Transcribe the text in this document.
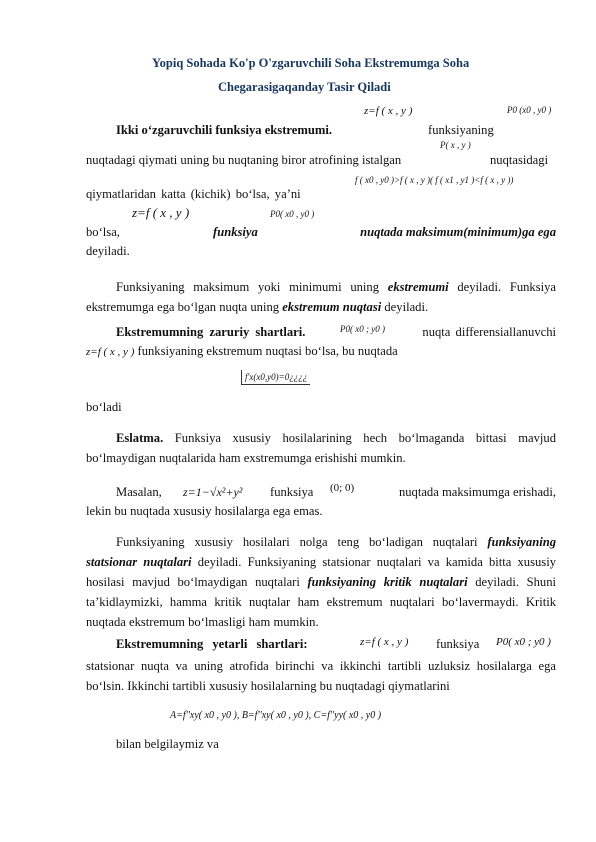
Yopiq Sohada Ko'p O'zgaruvchili Soha Ekstremumga Soha
Chegarasigaqanday Tasir Qiladi
z=f ( x , y )	P0 (x0 , y0 )
Ikki o‘zgaruvchili funksiya ekstremumi.	funksiyaning
P( x , y )
nuqtadagi qiymati uning bu nuqtaning biror atrofining istalgan	nuqtasidagi
f ( x0 , y0 )>f ( x , y )( f ( x1 , y1 )<f ( x , y ))
qiymatlaridan katta (kichik) bo‘lsa, ya’ni
z=f ( x , y )	P0( x0 , y0 )
bo‘lsa,	funksiya	nuqtada maksimum(minimum)ga ega
deyiladi.
Funksiyaning maksimum yoki minimumi uning ekstremumi deyiladi. Funksiya ekstremumga ega bo‘lgan nuqta uning ekstremum nuqtasi deyiladi.
Ekstremumning zaruriy shartlari.	P0( x0 ; y0 )	nuqta differensiallanuvchi
z=f ( x , y ) funksiyaning ekstremum nuqtasi bo‘lsa, bu nuqtada
f'x(x0,y0)=0¿¿¿¿
bo‘ladi
Eslatma. Funksiya xususiy hosilalarining hech bo‘lmaganda bittasi mavjud bo‘lmaydigan nuqtalarida ham exstremumga erishishi mumkin.
Masalan, z=1−√x²+y² funksiya (0; 0)	nuqtada maksimumga erishadi,
lekin bu nuqtada xususiy hosilalarga ega emas.
Funksiyaning xususiy hosilalari nolga teng bo‘ladigan nuqtalari funksiyaning statsionar nuqtalari deyiladi. Funksiyaning statsionar nuqtalari va kamida bitta xususiy hosilasi mavjud bo‘lmaydigan nuqtalari funksiyaning kritik nuqtalari deyiladi. Shuni ta’kidlaymizki, hamma kritik nuqtalar ham ekstremum nuqtalari bo‘lavermaydi. Kritik nuqtada ekstremum bo‘lmasligi ham mumkin.
Ekstremumning yetarli shartlari:	z=f ( x , y ) funksiya P0( x0 ; y0 )
statsionar nuqta va uning atrofida birinchi va ikkinchi tartibli uzluksiz hosilalarga ega bo‘lsin. Ikkinchi tartibli xususiy hosilalarning bu nuqtadagi qiymatlarini
A=f''xy( x0 , y0 ), B=f''xy( x0 , y0 ), C=f''yy( x0 , y0 )
bilan belgilaymiz va
